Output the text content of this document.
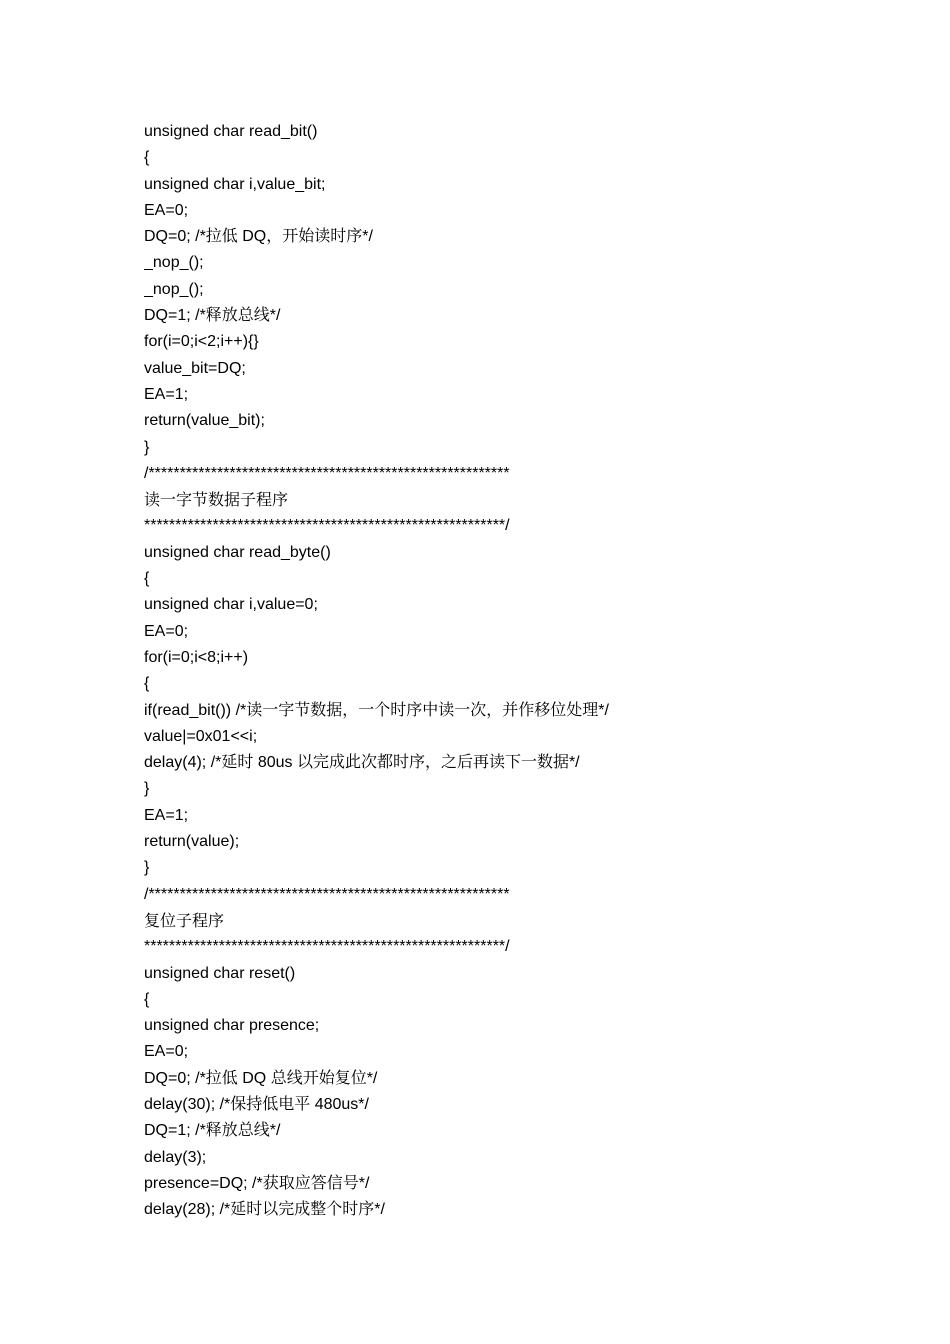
unsigned char read_bit()
{
unsigned char i,value_bit;
EA=0;
DQ=0; /*拉低 DQ，开始读时序*/
_nop_();
_nop_();
DQ=1; /*释放总线*/
for(i=0;i<2;i++){}
value_bit=DQ;
EA=1;
return(value_bit);
}
/**********************************************************
读一字节数据子程序
**********************************************************/
unsigned char read_byte()
{
unsigned char i,value=0;
EA=0;
for(i=0;i<8;i++)
{
if(read_bit()) /*读一字节数据，一个时序中读一次，并作移位处理*/
value|=0x01<<i;
delay(4); /*延时 80us 以完成此次都时序，之后再读下一数据*/
}
EA=1;
return(value);
}
/**********************************************************
复位子程序
**********************************************************/
unsigned char reset()
{
unsigned char presence;
EA=0;
DQ=0; /*拉低 DQ 总线开始复位*/
delay(30); /*保持低电平 480us*/
DQ=1; /*释放总线*/
delay(3);
presence=DQ; /*获取应答信号*/
delay(28); /*延时以完成整个时序*/
